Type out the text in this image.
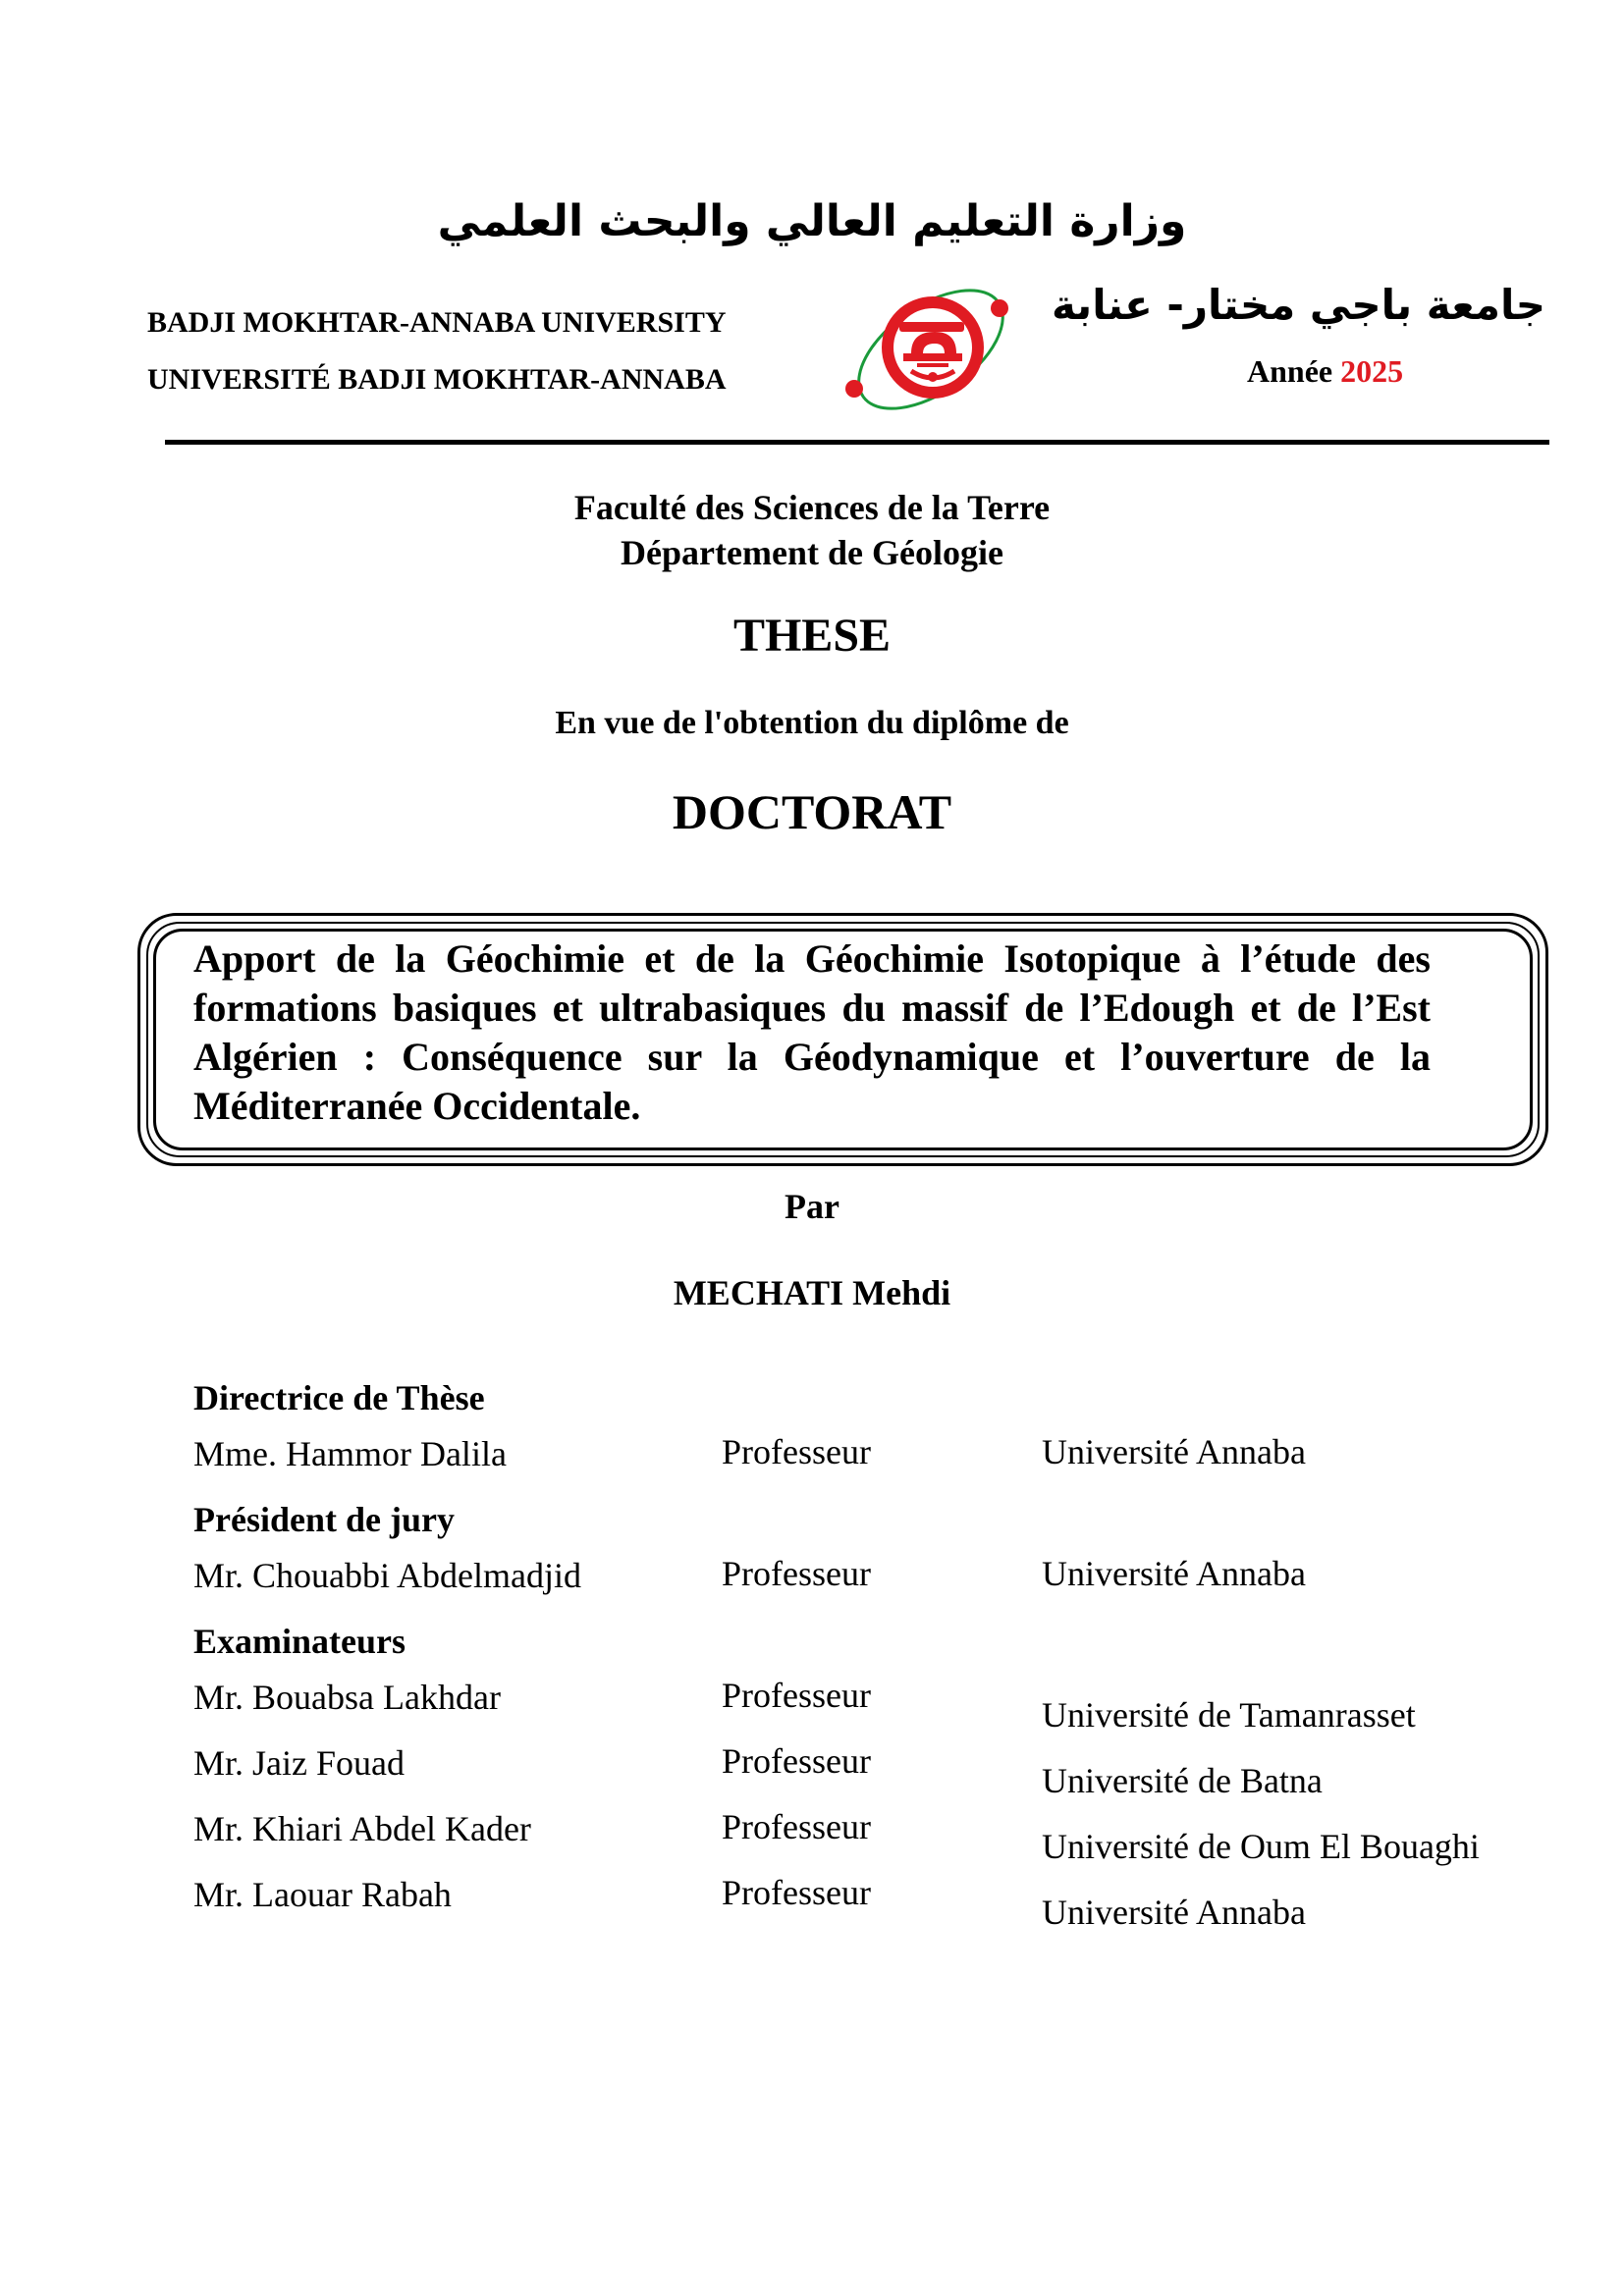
وزارة التعليم العالي والبحث العلمي
BADJI MOKHTAR-ANNABA UNIVERSITY
UNIVERSITÉ BADJI MOKHTAR-ANNABA
جامعة باجي مختار- عنابة
Année 2025
Faculté des Sciences de la Terre
Département de Géologie
THESE
En vue de l'obtention du diplôme de
DOCTORAT
Apport de la Géochimie et de la Géochimie Isotopique à l’étude des formations basiques et ultrabasiques du massif de l’Edough et de l’Est Algérien : Conséquence sur la Géodynamique et l’ouverture de la Méditerranée Occidentale.
Par
MECHATI Mehdi
Directrice de Thèse
Mme. Hammor Dalila	Professeur	Université Annaba
Président de jury
Mr. Chouabbi Abdelmadjid	Professeur	Université Annaba
Examinateurs
Mr. Bouabsa Lakhdar	Professeur	Université de Tamanrasset
Mr. Jaiz Fouad	Professeur	Université de Batna
Mr. Khiari Abdel Kader	Professeur	Université de Oum El Bouaghi
Mr. Laouar Rabah	Professeur	Université Annaba
